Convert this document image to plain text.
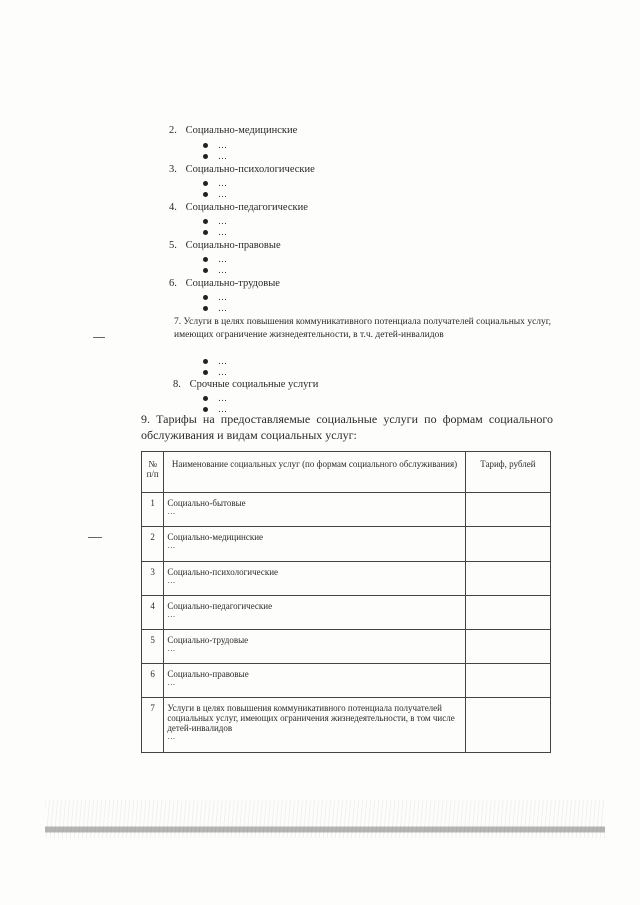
2. Социально-медицинские
…
…
3. Социально-психологические
…
…
4. Социально-педагогические
…
…
5. Социально-правовые
…
…
6. Социально-трудовые
…
…
7. Услуги в целях повышения коммуникативного потенциала получателей социальных услуг, имеющих ограничение жизнедеятельности, в т.ч. детей-инвалидов
…
…
8. Срочные социальные услуги
…
…
9. Тарифы на предоставляемые социальные услуги по формам социального обслуживания и видам социальных услуг:
№ п/п	Наименование социальных услуг (по формам социального обслуживания)	Тариф, рублей
1	Социально-бытовые
…	

2	Социально-медицинские
…	

3	Социально-психологические
…	

4	Социально-педагогические
…	

5	Социально-трудовые
…	

6	Социально-правовые
…	

7	Услуги в целях повышения коммуникативного потенциала получателей социальных услуг, имеющих ограничения жизнедеятельности, в том числе детей-инвалидов
…	
